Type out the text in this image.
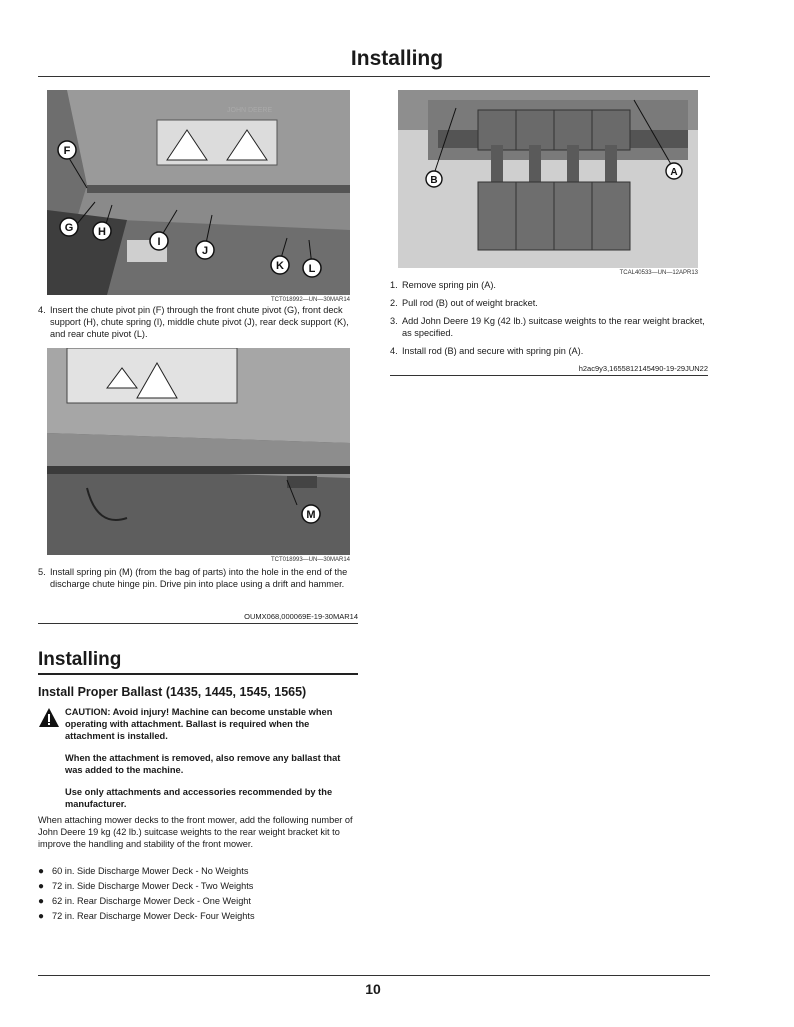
Installing
JOHN DEERE
F
G H
I
J
K L
TCT018992—UN—30MAR14
4. Insert the chute pivot pin (F) through the front chute pivot (G), front deck support (H), chute spring (I), middle chute pivot (J), rear deck support (K), and rear chute pivot (L).
M
TCT018993—UN—30MAR14
5. Install spring pin (M) (from the bag of parts) into the hole in the end of the discharge chute hinge pin. Drive pin into place using a drift and hammer.
OUMX068,000069E-19-30MAR14
Installing
Install Proper Ballast (1435, 1445, 1545, 1565)

CAUTION: Avoid injury! Machine can become unstable when operating with attachment. Ballast is required when the attachment is installed.

When the attachment is removed, also remove any ballast that was added to the machine.

Use only attachments and accessories recommended by the manufacturer.

When attaching mower decks to the front mower, add the following number of John Deere 19 kg (42 lb.) suitcase weights to the rear weight bracket kit to improve the handling and stability of the front mower.
● 60 in. Side Discharge Mower Deck - No Weights
● 72 in. Side Discharge Mower Deck - Two Weights
● 62 in. Rear Discharge Mower Deck - One Weight
● 72 in. Rear Discharge Mower Deck- Four Weights
B
A
TCAL40533—UN—12APR13
1. Remove spring pin (A).
2. Pull rod (B) out of weight bracket.
3. Add John Deere 19 Kg (42 lb.) suitcase weights to the rear weight bracket, as specified.
4. Install rod (B) and secure with spring pin (A).
h2ac9y3,1655812145490-19-29JUN22
10
